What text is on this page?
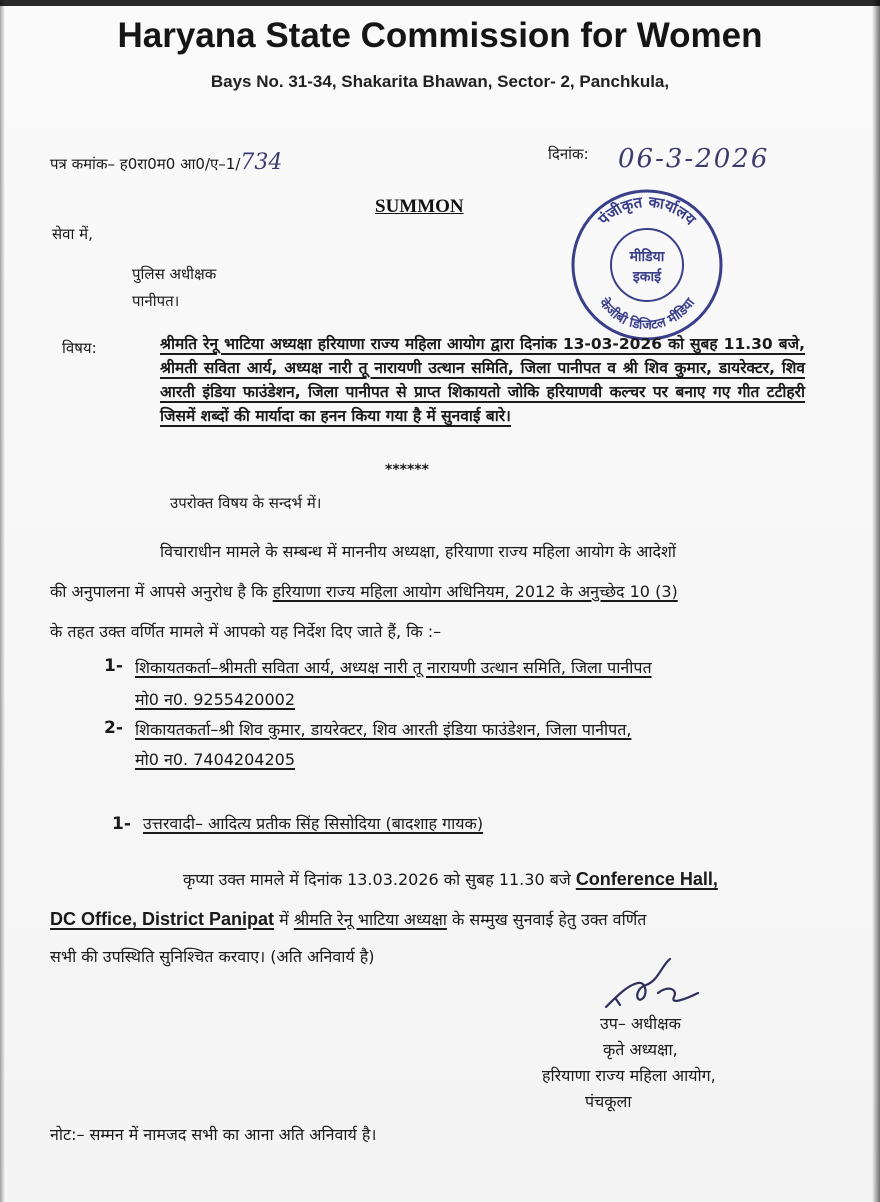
Haryana State Commission for Women
Bays No. 31-34, Shakarita Bhawan, Sector- 2, Panchkula,
पत्र कमांक– ह0रा0म0 आ0/ए–1/734	दिनांक: 06-3-2026
SUMMON
पंजीकृत कार्यालय
केजीबी डिजिटल मीडिया
मीडिया
इकाई
सेवा में,
पुलिस अधीक्षक
पानीपत।
विषय:	श्रीमति रेनू भाटिया अध्यक्षा हरियाणा राज्य महिला आयोग द्वारा दिनांक 13-03-2026 को सुबह 11.30 बजे, श्रीमती सविता आर्य, अध्यक्ष नारी तू नारायणी उत्थान समिति, जिला पानीपत व श्री शिव कुमार, डायरेक्टर, शिव आरती इंडिया फाउंडेशन, जिला पानीपत से प्राप्त शिकायतो जोकि हरियाणवी कल्चर पर बनाए गए गीत टटीहरी जिसमें शब्दों की मार्यादा का हनन किया गया है में सुनवाई बारे।
******
उपरोक्त विषय के सन्दर्भ में।
विचाराधीन मामले के सम्बन्ध में माननीय अध्यक्षा, हरियाणा राज्य महिला आयोग के आदेशों
की अनुपालना में आपसे अनुरोध है कि हरियाणा राज्य महिला आयोग अधिनियम, 2012 के अनुच्छेद 10 (3)
के तहत उक्त वर्णित मामले में आपको यह निर्देश दिए जाते हैं, कि :–
1- शिकायतकर्ता–श्रीमती सविता आर्य, अध्यक्ष नारी तू नारायणी उत्थान समिति, जिला पानीपत
मो0 न0. 9255420002
2- शिकायतकर्ता–श्री शिव कुमार, डायरेक्टर, शिव आरती इंडिया फाउंडेशन, जिला पानीपत,
मो0 न0. 7404204205
1- उत्तरवादी– आदित्य प्रतीक सिंह सिसोदिया (बादशाह गायक)
कृप्या उक्त मामले में दिनांक 13.03.2026 को सुबह 11.30 बजे Conference Hall,
DC Office, District Panipat में श्रीमति रेनू भाटिया अध्यक्षा के सम्मुख सुनवाई हेतु उक्त वर्णित
सभी की उपस्थिति सुनिश्चित करवाए। (अति अनिवार्य है)
उप– अधीक्षक
कृते अध्यक्षा,
हरियाणा राज्य महिला आयोग,
पंचकूला
नोट:– सम्मन में नामजद सभी का आना अति अनिवार्य है।
